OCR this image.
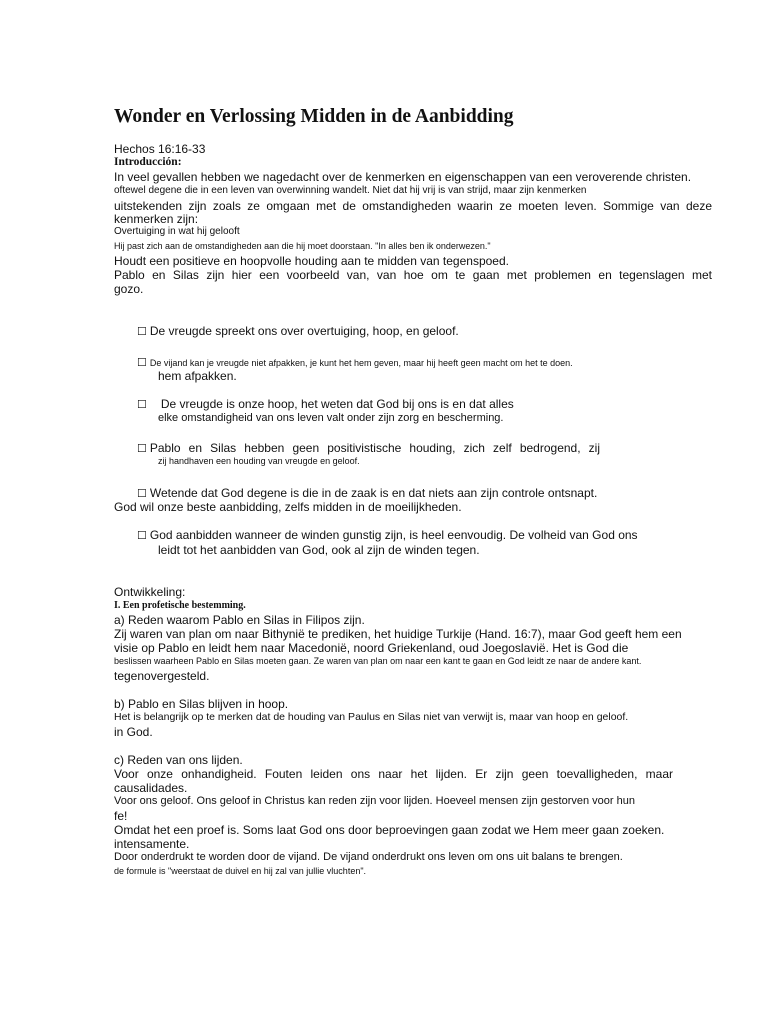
Wonder en Verlossing Midden in de Aanbidding
Hechos 16:16-33
Introducción:
In veel gevallen hebben we nagedacht over de kenmerken en eigenschappen van een veroverende christen.
oftewel degene die in een leven van overwinning wandelt. Niet dat hij vrij is van strijd, maar zijn kenmerken
uitstekenden zijn zoals ze omgaan met de omstandigheden waarin ze moeten leven. Sommige van deze
kenmerken zijn:
Overtuiging in wat hij gelooft
Hij past zich aan de omstandigheden aan die hij moet doorstaan. "In alles ben ik onderwezen."
Houdt een positieve en hoopvolle houding aan te midden van tegenspoed.
Pablo en Silas zijn hier een voorbeeld van, van hoe om te gaan met problemen en tegenslagen met
gozo.
☐ De vreugde spreekt ons over overtuiging, hoop, en geloof.
☐ De vijand kan je vreugde niet afpakken, je kunt het hem geven, maar hij heeft geen macht om het te doen.
hem afpakken.
☐ De vreugde is onze hoop, het weten dat God bij ons is en dat alles
elke omstandigheid van ons leven valt onder zijn zorg en bescherming.
☐ Pablo en Silas hebben geen positivistische houding, zich zelf bedrogend, zij
zij handhaven een houding van vreugde en geloof.
☐ Wetende dat God degene is die in de zaak is en dat niets aan zijn controle ontsnapt.
God wil onze beste aanbidding, zelfs midden in de moeilijkheden.
☐ God aanbidden wanneer de winden gunstig zijn, is heel eenvoudig. De volheid van God ons
leidt tot het aanbidden van God, ook al zijn de winden tegen.
Ontwikkeling:
I. Een profetische bestemming.
a) Reden waarom Pablo en Silas in Filipos zijn.
Zij waren van plan om naar Bithynië te prediken, het huidige Turkije (Hand. 16:7), maar God geeft hem een
visie op Pablo en leidt hem naar Macedonië, noord Griekenland, oud Joegoslavië. Het is God die
beslissen waarheen Pablo en Silas moeten gaan. Ze waren van plan om naar een kant te gaan en God leidt ze naar de andere kant.
tegenovergesteld.
b) Pablo en Silas blijven in hoop.
Het is belangrijk op te merken dat de houding van Paulus en Silas niet van verwijt is, maar van hoop en geloof.
in God.
c) Reden van ons lijden.
Voor onze onhandigheid. Fouten leiden ons naar het lijden. Er zijn geen toevalligheden, maar
causalidades.
Voor ons geloof. Ons geloof in Christus kan reden zijn voor lijden. Hoeveel mensen zijn gestorven voor hun
fe!
Omdat het een proef is. Soms laat God ons door beproevingen gaan zodat we Hem meer gaan zoeken.
intensamente.
Door onderdrukt te worden door de vijand. De vijand onderdrukt ons leven om ons uit balans te brengen.
de formule is "weerstaat de duivel en hij zal van jullie vluchten".
